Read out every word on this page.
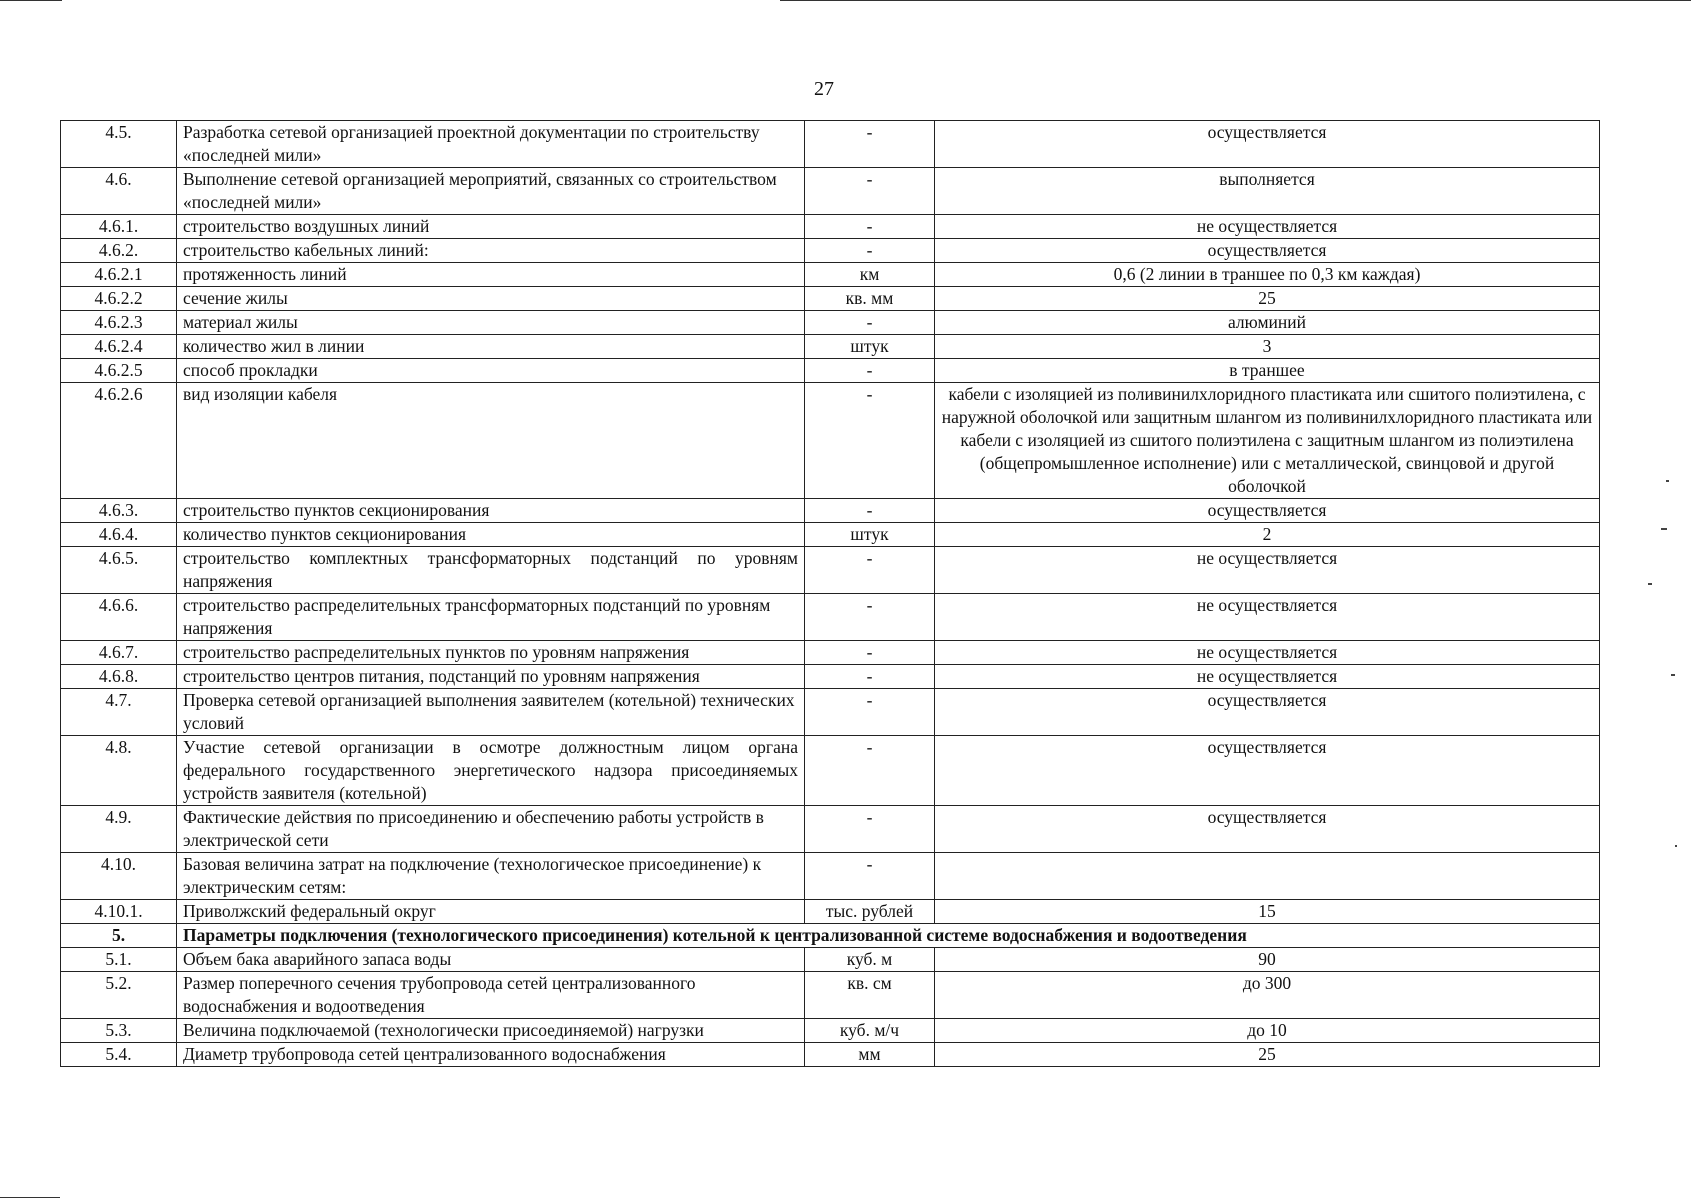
27
4.5.	Разработка сетевой организацией проектной документации по строительству «последней мили»	-	осуществляется
4.6.	Выполнение сетевой организацией мероприятий, связанных со строительством «последней мили»	-	выполняется
4.6.1.	строительство воздушных линий	-	не осуществляется
4.6.2.	строительство кабельных линий:	-	осуществляется
4.6.2.1	протяженность линий	км	0,6 (2 линии в траншее по 0,3 км каждая)
4.6.2.2	сечение жилы	кв. мм	25
4.6.2.3	материал жилы	-	алюминий
4.6.2.4	количество жил в линии	штук	3
4.6.2.5	способ прокладки	-	в траншее
4.6.2.6	вид изоляции кабеля	-	кабели с изоляцией из поливинилхлоридного пластиката или сшитого полиэтилена, с наружной оболочкой или защитным шлангом из поливинилхлоридного пластиката или кабели с изоляцией из сшитого полиэтилена с защитным шлангом из полиэтилена (общепромышленное исполнение) или с металлической, свинцовой и другой оболочкой
4.6.3.	строительство пунктов секционирования	-	осуществляется
4.6.4.	количество пунктов секционирования	штук	2
4.6.5.	строительство комплектных трансформаторных подстанций по уровням напряжения	-	не осуществляется
4.6.6.	строительство распределительных трансформаторных подстанций по уровням напряжения	-	не осуществляется
4.6.7.	строительство распределительных пунктов по уровням напряжения	-	не осуществляется
4.6.8.	строительство центров питания, подстанций по уровням напряжения	-	не осуществляется
4.7.	Проверка сетевой организацией выполнения заявителем (котельной) технических условий	-	осуществляется
4.8.	Участие сетевой организации в осмотре должностным лицом органа федерального государственного энергетического надзора присоединяемых устройств заявителя (котельной)	-	осуществляется
4.9.	Фактические действия по присоединению и обеспечению работы устройств в электрической сети	-	осуществляется
4.10.	Базовая величина затрат на подключение (технологическое присоединение) к электрическим сетям:	-	
4.10.1.	Приволжский федеральный округ	тыс. рублей	15
5.	Параметры подключения (технологического присоединения) котельной к централизованной системе водоснабжения и водоотведения		
5.1.	Объем бака аварийного запаса воды	куб. м	90
5.2.	Размер поперечного сечения трубопровода сетей централизованного водоснабжения и водоотведения	кв. см	до 300
5.3.	Величина подключаемой (технологически присоединяемой) нагрузки	куб. м/ч	до 10
5.4.	Диаметр трубопровода сетей централизованного водоснабжения	мм	25
